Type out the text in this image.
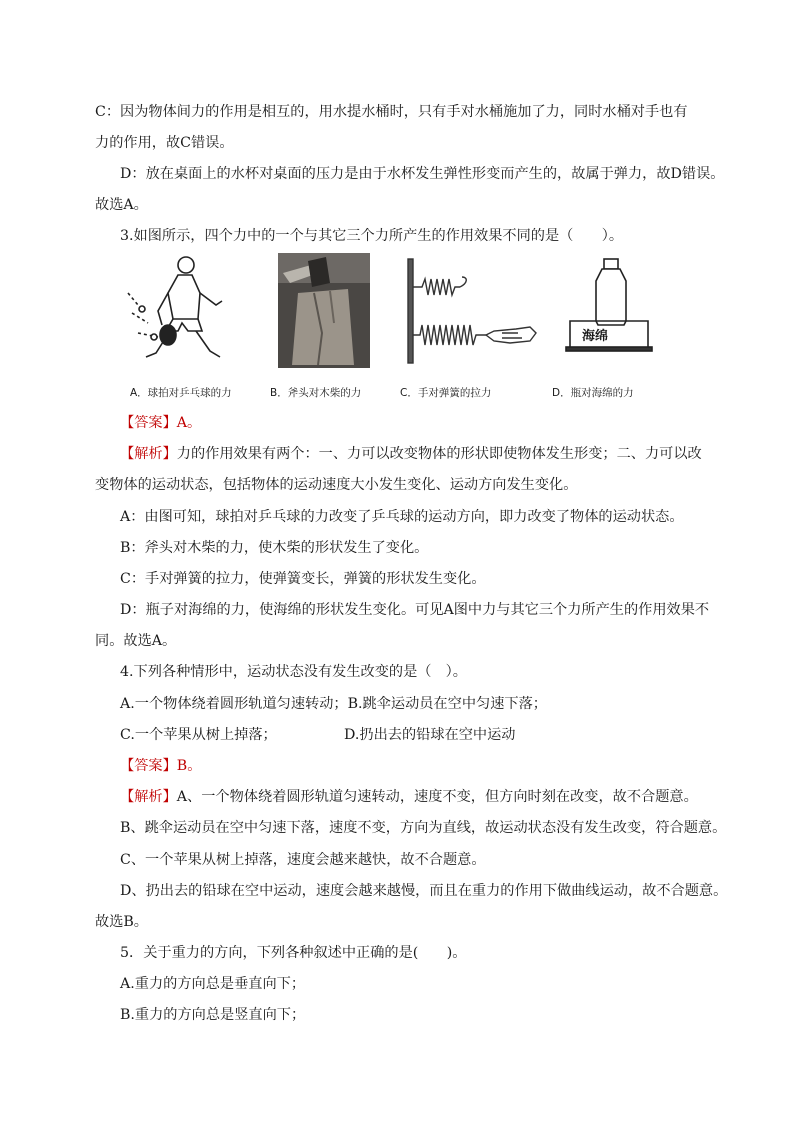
C：因为物体间力的作用是相互的，用水提水桶时，只有手对水桶施加了力，同时水桶对手也有
力的作用，故C错误。
D：放在桌面上的水杯对桌面的压力是由于水杯发生弹性形变而产生的，故属于弹力，故D错误。
故选A。
3.如图所示，四个力中的一个与其它三个力所产生的作用效果不同的是（　　）。
A．球拍对乒乓球的力	B．斧头对木柴的力	C．手对弹簧的拉力
海绵
D．瓶对海绵的力
【答案】A。
【解析】力的作用效果有两个：一、力可以改变物体的形状即使物体发生形变；二、力可以改
变物体的运动状态，包括物体的运动速度大小发生变化、运动方向发生变化。
A：由图可知，球拍对乒乓球的力改变了乒乓球的运动方向，即力改变了物体的运动状态。
B：斧头对木柴的力，使木柴的形状发生了变化。
C：手对弹簧的拉力，使弹簧变长，弹簧的形状发生变化。
D：瓶子对海绵的力，使海绵的形状发生变化。可见A图中力与其它三个力所产生的作用效果不
同。故选A。
4.下列各种情形中，运动状态没有发生改变的是（　）。
A.一个物体绕着圆形轨道匀速转动；B.跳伞运动员在空中匀速下落；
C.一个苹果从树上掉落；	D.扔出去的铅球在空中运动
【答案】B。
【解析】A、一个物体绕着圆形轨道匀速转动，速度不变，但方向时刻在改变，故不合题意。
B、跳伞运动员在空中匀速下落，速度不变，方向为直线，故运动状态没有发生改变，符合题意。
C、一个苹果从树上掉落，速度会越来越快，故不合题意。
D、扔出去的铅球在空中运动，速度会越来越慢，而且在重力的作用下做曲线运动，故不合题意。
故选B。
5．关于重力的方向，下列各种叙述中正确的是(　　)。
A.重力的方向总是垂直向下；
B.重力的方向总是竖直向下；
